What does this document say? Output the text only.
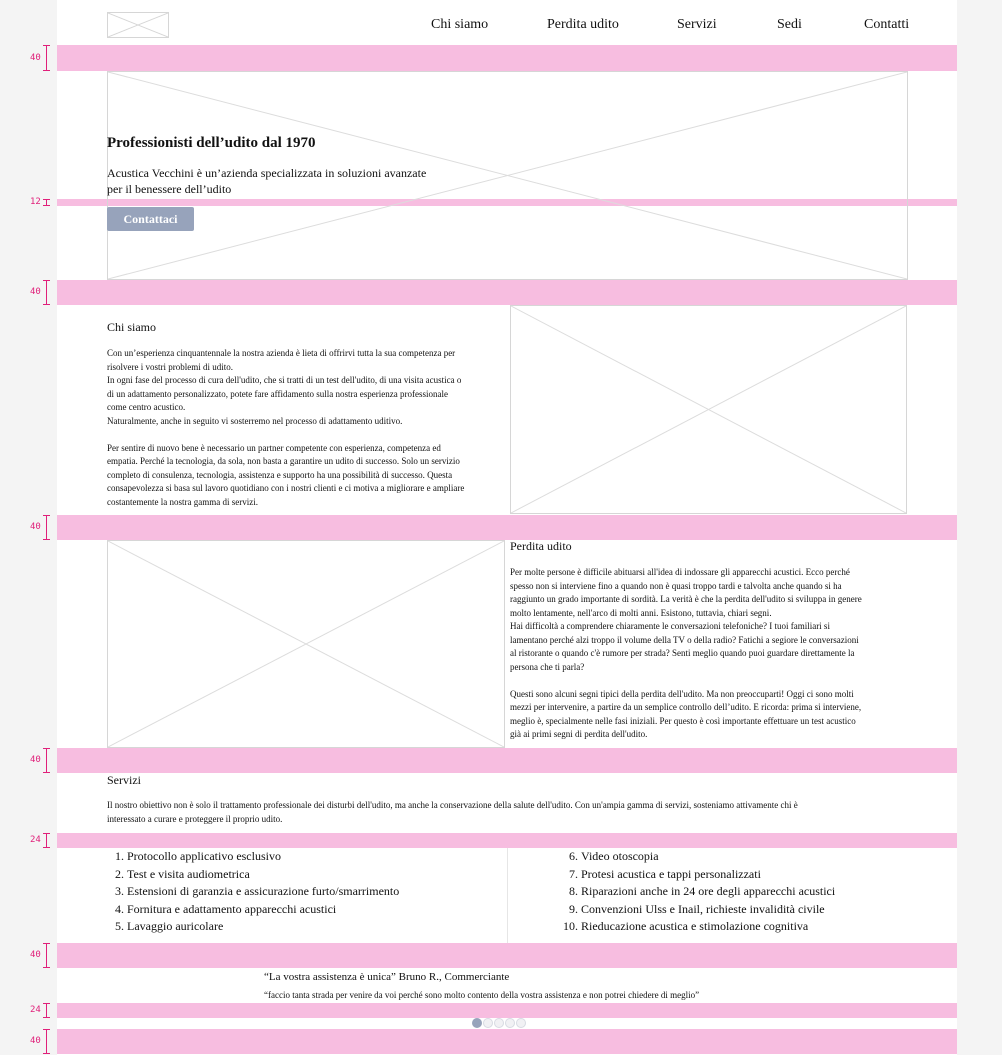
Chi siamo	Perdita udito	Servizi	Sedi	Contatti
40
12
40
40
40
24
40
24
40
Professionisti dell’udito dal 1970
Acustica Vecchini è un’azienda specializzata in soluzioni avanzate
per il benessere dell’udito
Contattaci
Chi siamo
Con un’esperienza cinquantennale la nostra azienda è lieta di offrirvi tutta la sua competenza per
risolvere i vostri problemi di udito.
In ogni fase del processo di cura dell'udito, che si tratti di un test dell'udito, di una visita acustica o
di un adattamento personalizzato, potete fare affidamento sulla nostra esperienza professionale
come centro acustico.
Naturalmente, anche in seguito vi sosterremo nel processo di adattamento uditivo.
Per sentire di nuovo bene è necessario un partner competente con esperienza, competenza ed
empatia. Perché la tecnologia, da sola, non basta a garantire un udito di successo. Solo un servizio
completo di consulenza, tecnologia, assistenza e supporto ha una possibilità di successo. Questa
consapevolezza si basa sul lavoro quotidiano con i nostri clienti e ci motiva a migliorare e ampliare
costantemente la nostra gamma di servizi.
Perdita udito
Per molte persone è difficile abituarsi all'idea di indossare gli apparecchi acustici. Ecco perché
spesso non si interviene fino a quando non è quasi troppo tardi e talvolta anche quando si ha
raggiunto un grado importante di sordità. La verità è che la perdita dell'udito si sviluppa in genere
molto lentamente, nell'arco di molti anni. Esistono, tuttavia, chiari segni.
Hai difficoltà a comprendere chiaramente le conversazioni telefoniche? I tuoi familiari si
lamentano perché alzi troppo il volume della TV o della radio? Fatichi a segiore le conversazioni
al ristorante o quando c'è rumore per strada? Senti meglio quando puoi guardare direttamente la
persona che ti parla?
Questi sono alcuni segni tipici della perdita dell'udito. Ma non preoccuparti! Oggi ci sono molti
mezzi per intervenire, a partire da un semplice controllo dell’udito. E ricorda: prima si interviene,
meglio è, specialmente nelle fasi iniziali. Per questo è così importante effettuare un test acustico
già ai primi segni di perdita dell'udito.
Servizi
Il nostro obiettivo non è solo il trattamento professionale dei disturbi dell'udito, ma anche la conservazione della salute dell'udito. Con un'ampia gamma di servizi, sosteniamo attivamente chi è
interessato a curare e proteggere il proprio udito.
1. Protocollo applicativo esclusivo
2. Test e visita audiometrica
3. Estensioni di garanzia e assicurazione furto/smarrimento
4. Fornitura e adattamento apparecchi acustici
5. Lavaggio auricolare
6. Video otoscopia
7. Protesi acustica e tappi personalizzati
8. Riparazioni anche in 24 ore degli apparecchi acustici
9. Convenzioni Ulss e Inail, richieste invalidità civile
10. Rieducazione acustica e stimolazione cognitiva
“La vostra assistenza è unica” Bruno R., Commerciante
“faccio tanta strada per venire da voi perché sono molto contento della vostra assistenza e non potrei chiedere di meglio”
